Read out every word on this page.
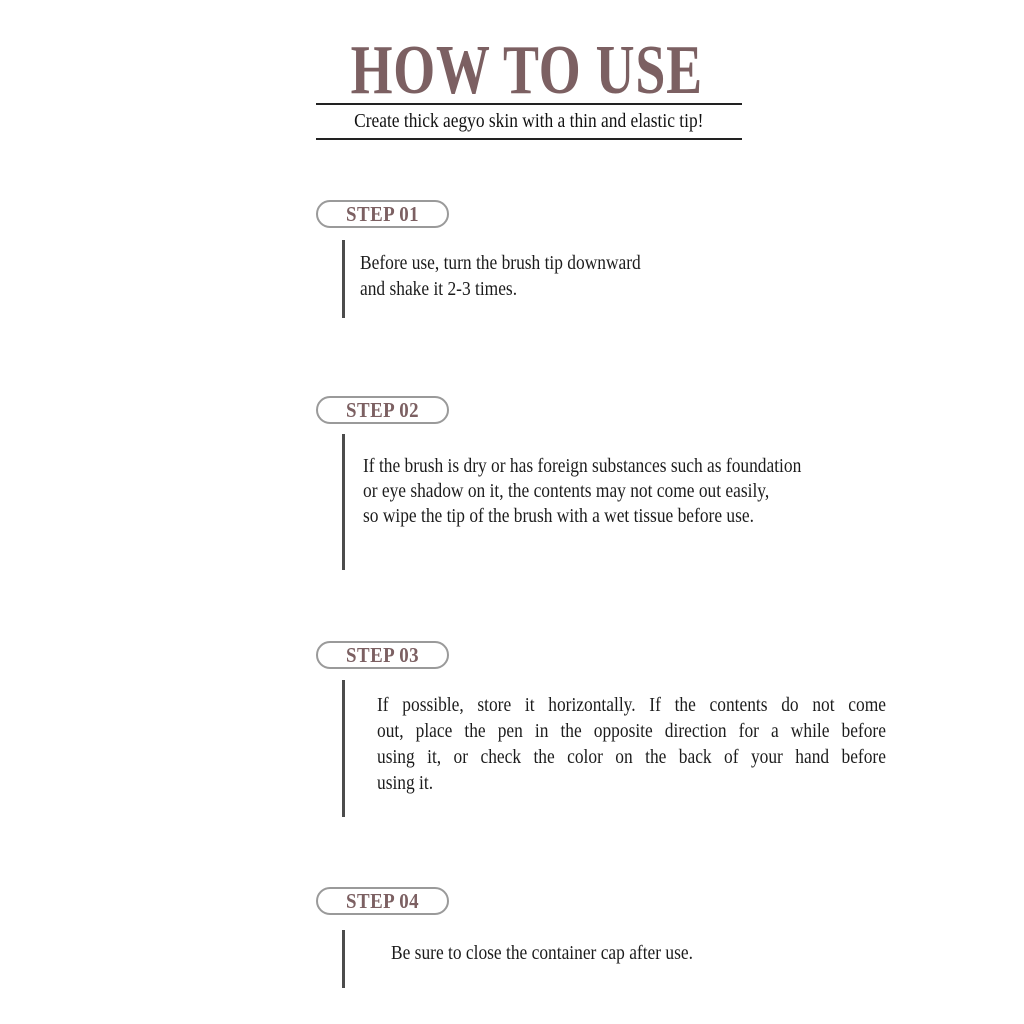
HOW TO USE
Create thick aegyo skin with a thin and elastic tip!
STEP 01
Before use, turn the brush tip downward
and shake it 2-3 times.
STEP 02
If the brush is dry or has foreign substances such as foundation
or eye shadow on it, the contents may not come out easily,
so wipe the tip of the brush with a wet tissue before use.
STEP 03
If possible, store it horizontally. If the contents do not come
out, place the pen in the opposite direction for a while before
using it, or check the color on the back of your hand before
using it.
STEP 04
Be sure to close the container cap after use.
